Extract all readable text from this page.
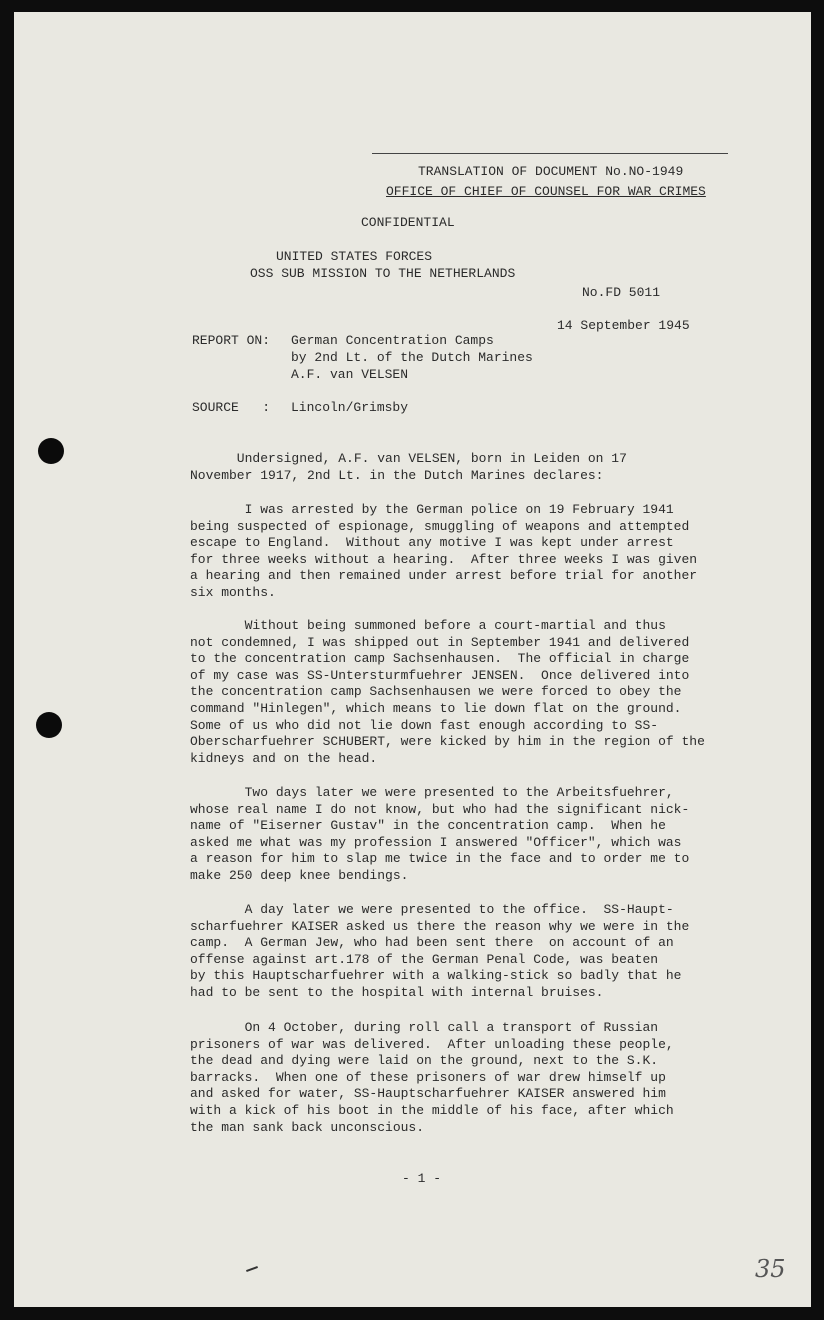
TRANSLATION OF DOCUMENT No.NO-1949
OFFICE OF CHIEF OF COUNSEL FOR WAR CRIMES
CONFIDENTIAL
UNITED STATES FORCES
OSS SUB MISSION TO THE NETHERLANDS
No.FD 5011
14 September 1945
REPORT ON: German Concentration Camps
by 2nd Lt. of the Dutch Marines
A.F. van VELSEN
SOURCE   : Lincoln/Grimsby
Undersigned, A.F. van VELSEN, born in Leiden on 17
November 1917, 2nd Lt. in the Dutch Marines declares:
I was arrested by the German police on 19 February 1941
being suspected of espionage, smuggling of weapons and attempted
escape to England.  Without any motive I was kept under arrest
for three weeks without a hearing.  After three weeks I was given
a hearing and then remained under arrest before trial for another
six months.
Without being summoned before a court-martial and thus
not condemned, I was shipped out in September 1941 and delivered
to the concentration camp Sachsenhausen.  The official in charge
of my case was SS-Untersturmfuehrer JENSEN.  Once delivered into
the concentration camp Sachsenhausen we were forced to obey the
command "Hinlegen", which means to lie down flat on the ground.
Some of us who did not lie down fast enough according to SS-
Oberscharfuehrer SCHUBERT, were kicked by him in the region of the
kidneys and on the head.
Two days later we were presented to the Arbeitsfuehrer,
whose real name I do not know, but who had the significant nick-
name of "Eiserner Gustav" in the concentration camp.  When he
asked me what was my profession I answered "Officer", which was
a reason for him to slap me twice in the face and to order me to
make 250 deep knee bendings.
A day later we were presented to the office.  SS-Haupt-
scharfuehrer KAISER asked us there the reason why we were in the
camp.  A German Jew, who had been sent there  on account of an
offense against art.178 of the German Penal Code, was beaten
by this Hauptscharfuehrer with a walking-stick so badly that he
had to be sent to the hospital with internal bruises.
On 4 October, during roll call a transport of Russian
prisoners of war was delivered.  After unloading these people,
the dead and dying were laid on the ground, next to the S.K.
barracks.  When one of these prisoners of war drew himself up
and asked for water, SS-Hauptscharfuehrer KAISER answered him
with a kick of his boot in the middle of his face, after which
the man sank back unconscious.
- 1 -
35
